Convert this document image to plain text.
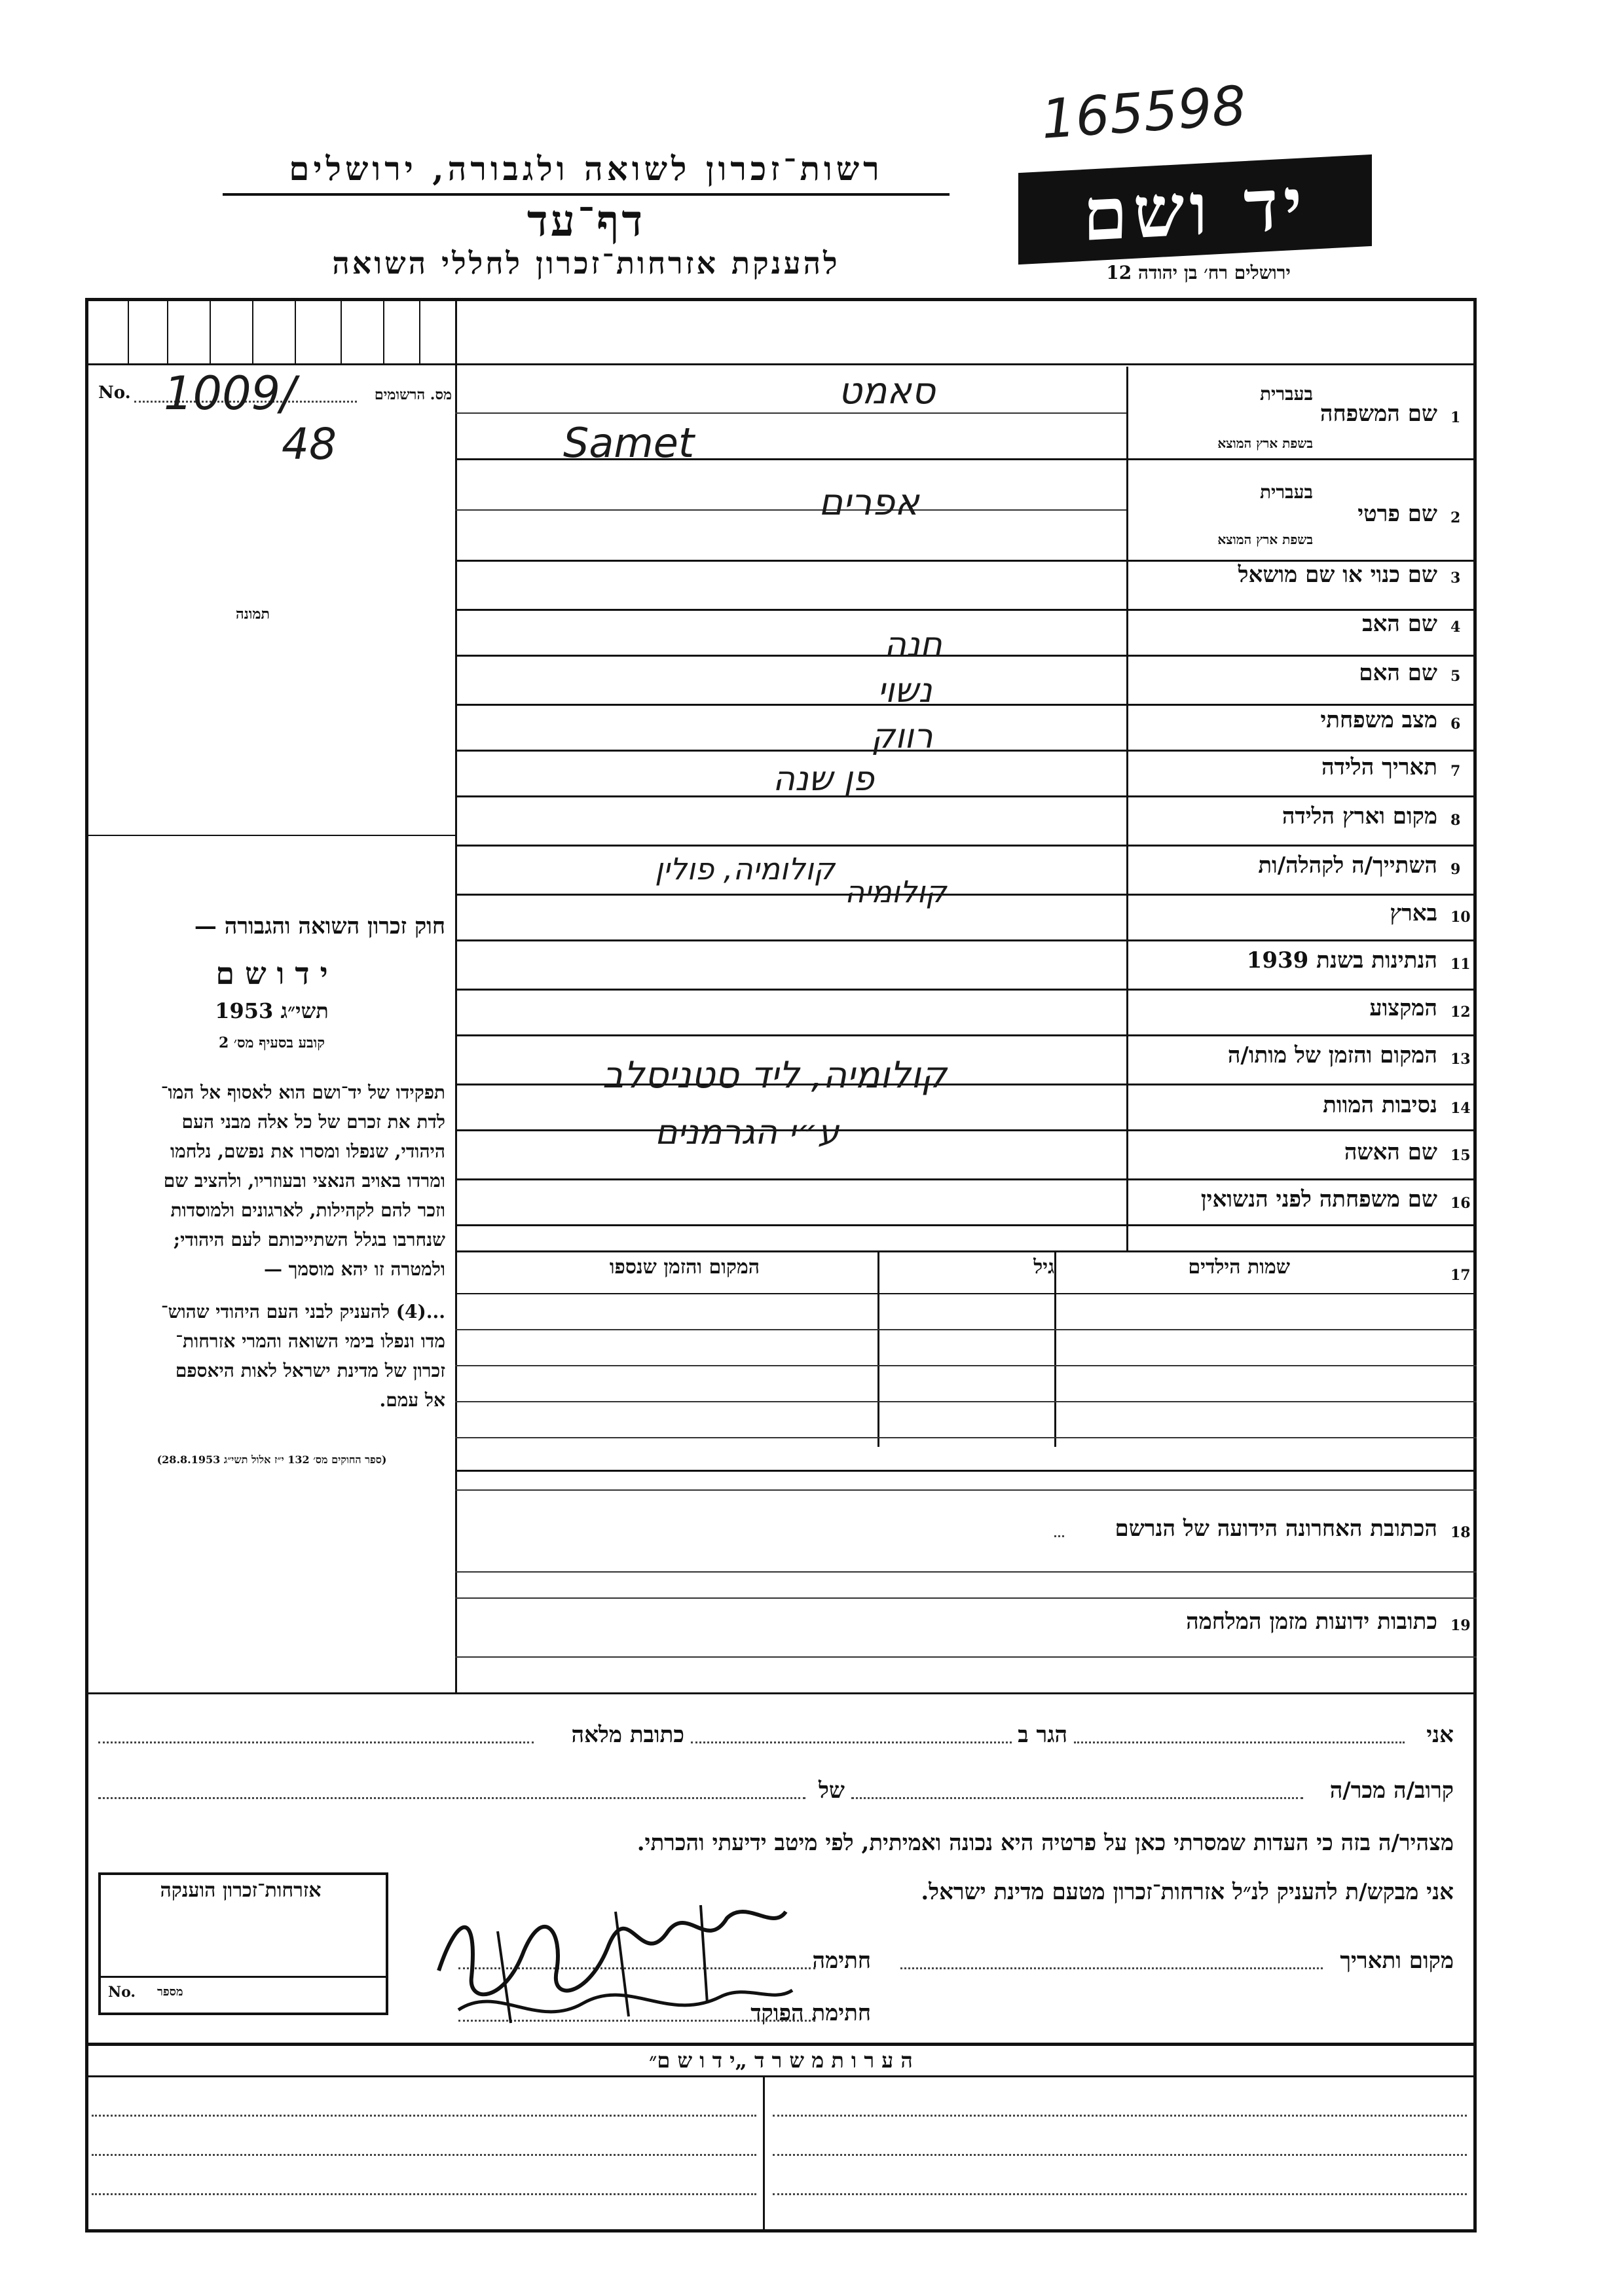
165598
רשות־זכרון לשואה ולגבורה, ירושלים
דף־עד
להענקת אזרחות־זכרון לחללי השואה
יד ושם
ירושלים רח׳ בן יהודה 12
No.	מס. הרשומים
1009/
48
תמונה
חוק זכרון השואה והגבורה —
י ד ו ש ם
תשי״ג 1953
קובע בסעיף מס׳ 2
תפקידו של יד־ושם הוא לאסוף אל המו־
לדת את זכרם של כל אלה מבני העם
היהודי, שנפלו ומסרו את נפשם, נלחמו
ומרדו באויב הנאצי ובעוזריו, ולהציב שם
וזכר להם לקהילות, לארגונים ולמוסדות
שנחרבו בגלל השתייכותם לעם היהודי;
ולמטרה זו יהא מוסמך —
...(4) להעניק לבני העם היהודי שהוש־
מדו ונפלו בימי השואה והמרי אזרחות־
זכרון של מדינת ישראל לאות היאספם
אל עמם.
(ספר החוקים מס׳ 132 י״ז אלול תשי״ג 28.8.1953)
1
שם המשפחה
בעברית
בשפת ארץ המוצא
סאמט
Samet
2
שם פרטי
בעברית
בשפת ארץ המוצא
אפרים
3
שם כנוי או שם מושאל
4
שם האב
5
שם האם
חנה
6
מצב משפחתי
נשוי
7
תאריך הלידה
רווק
8
מקום וארץ הלידה
פן שנה
9
השתייך/ה לקהלה/ות
קולומיה, פולין
10
בארץ
קולומיה
11
הנתינות בשנת 1939
12
המקצוע
13
המקום והזמן של מותו/ה
קולומיה, ליד סטניסלב
14
נסיבות המוות
ע״י הגרמנים
15
שם האשה
16
שם משפחתה לפני הנשואין
17
שמות הילדים
גיל
המקום והזמן שנספו
18
הכתובת האחרונה הידועה של הנרשם
19
כתובות ידועות מזמן המלחמה
אני
הגר ב
כתובת מלאה
קרוב/ה מכר/ה
של
מצהיר/ה בזה כי העדות שמסרתי כאן על פרטיה היא נכונה ואמיתית, לפי מיטב ידיעתי והכרתי.
אני מבקש/ת להעניק לנ״ל אזרחות־זכרון מטעם מדינת ישראל.
מקום ותאריך
חתימה
חתימת הפוקד
אזרחות־זכרון הוענקה
No. מספר
ה ע ר ו ת מ ש ר ד „י ד ו ש ם״
